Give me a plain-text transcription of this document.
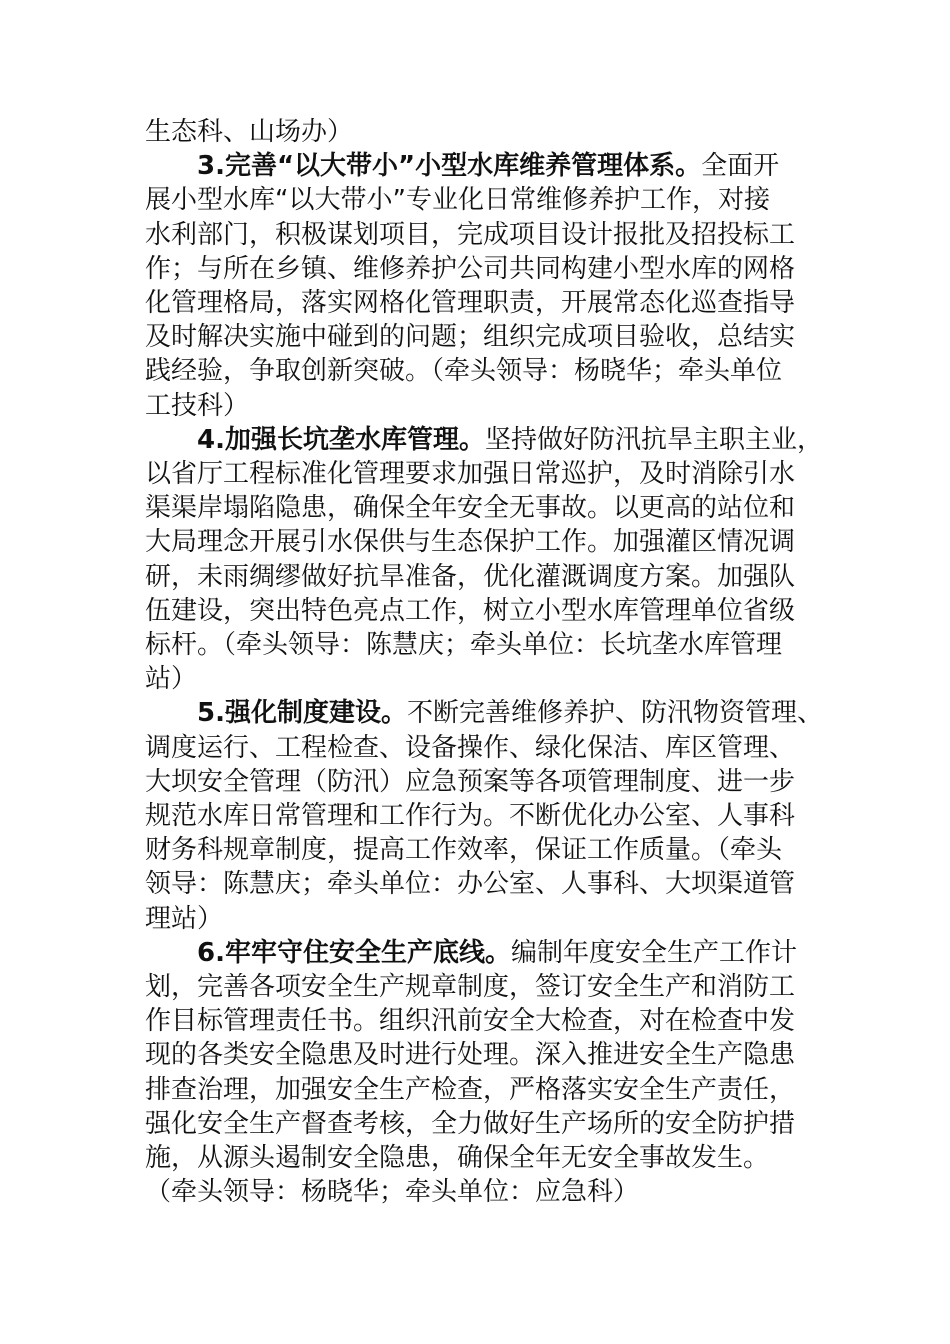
生态科、山场办）

3.完善“以大带小”小型水库维养管理体系。全面开
展小型水库“以大带小”专业化日常维修养护工作，对接
水利部门，积极谋划项目，完成项目设计报批及招投标工
作；与所在乡镇、维修养护公司共同构建小型水库的网格
化管理格局，落实网格化管理职责，开展常态化巡查指导
及时解决实施中碰到的问题；组织完成项目验收，总结实
践经验，争取创新突破。（牵头领导：杨晓华；牵头单位
工技科）

4.加强长坑垄水库管理。坚持做好防汛抗旱主职主业，
以省厅工程标准化管理要求加强日常巡护，及时消除引水
渠渠岸塌陷隐患，确保全年安全无事故。以更高的站位和
大局理念开展引水保供与生态保护工作。加强灌区情况调
研，未雨绸缪做好抗旱准备，优化灌溉调度方案。加强队
伍建设，突出特色亮点工作，树立小型水库管理单位省级
标杆。（牵头领导：陈慧庆；牵头单位：长坑垄水库管理
站）

5.强化制度建设。不断完善维修养护、防汛物资管理、
调度运行、工程检查、设备操作、绿化保洁、库区管理、
大坝安全管理（防汛）应急预案等各项管理制度、进一步
规范水库日常管理和工作行为。不断优化办公室、人事科
财务科规章制度，提高工作效率，保证工作质量。（牵头
领导：陈慧庆；牵头单位：办公室、人事科、大坝渠道管
理站）

6.牢牢守住安全生产底线。编制年度安全生产工作计
划，完善各项安全生产规章制度，签订安全生产和消防工
作目标管理责任书。组织汛前安全大检查，对在检查中发
现的各类安全隐患及时进行处理。深入推进安全生产隐患
排查治理，加强安全生产检查，严格落实安全生产责任，
强化安全生产督查考核，全力做好生产场所的安全防护措
施，从源头遏制安全隐患，确保全年无安全事故发生。
（牵头领导：杨晓华；牵头单位：应急科）
